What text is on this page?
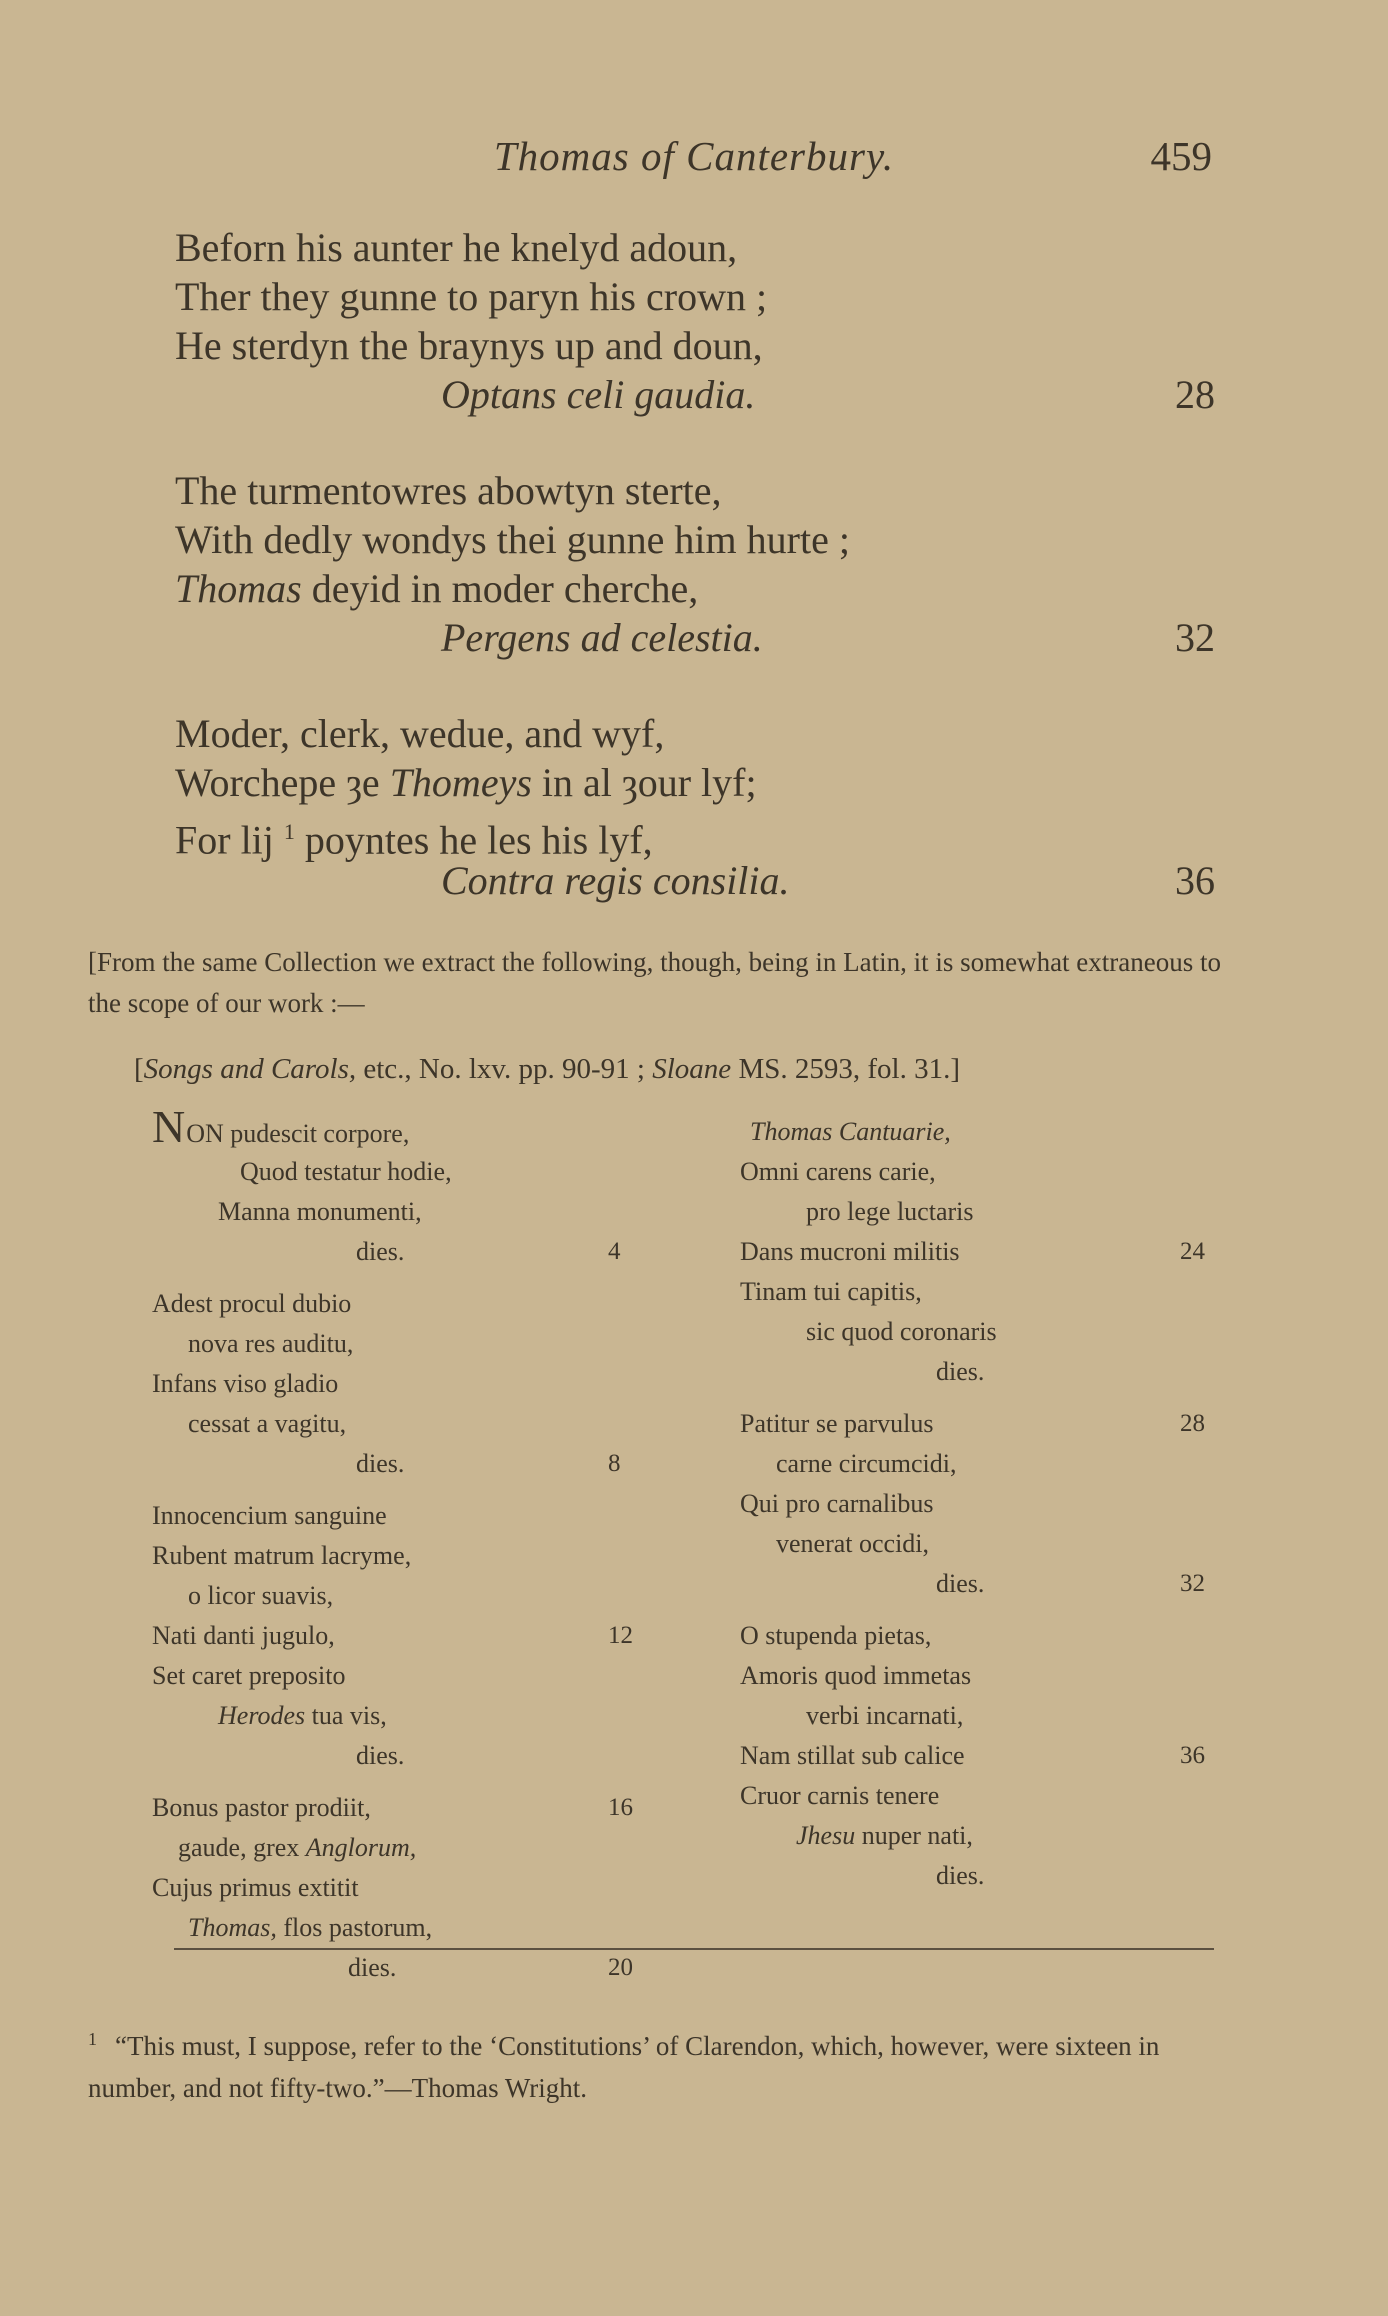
Thomas of Canterbury.	459
Beforn his aunter he knelyd adoun,
Ther they gunne to paryn his crown ;
He sterdyn the braynys up and doun,
Optans celi gaudia.	28
The turmentowres abowtyn sterte,
With dedly wondys thei gunne him hurte ;
Thomas deyid in moder cherche,
Pergens ad celestia.	32
Moder, clerk, wedue, and wyf,
Worchepe ȝe Thomeys in al ȝour lyf;
For lij $^1$ poyntes he les his lyf,
Contra regis consilia.	36
[From the same Collection we extract the following, though, being in Latin, it is somewhat extraneous to the scope of our work :—
[Songs and Carols, etc., No. lxv. pp. 90-91 ; Sloane MS. 2593, fol. 31.]
NON pudescit corpore,
Quod testatur hodie,
Manna monumenti,
dies.	4
Adest procul dubio
nova res auditu,
Infans viso gladio
cessat a vagitu,
dies.	8
Innocencium sanguine
Rubent matrum lacryme,
o licor suavis,
Nati danti jugulo,	12
Set caret preposito
Herodes tua vis,
dies.
Bonus pastor prodiit,	16
gaude, grex Anglorum,
Cujus primus extitit
Thomas, flos pastorum,
dies.	20
Thomas Cantuarie,
Omni carens carie,
pro lege luctaris
Dans mucroni militis	24
Tinam tui capitis,
sic quod coronaris
dies.
Patitur se parvulus	28
carne circumcidi,
Qui pro carnalibus
venerat occidi,
dies.	32
O stupenda pietas,
Amoris quod immetas
verbi incarnati,
Nam stillat sub calice	36
Cruor carnis tenere
Jhesu nuper nati,
dies.
$^1$ “This must, I suppose, refer to the ‘Constitutions’ of Clarendon, which, however, were sixteen in number, and not fifty-two.”—Thomas Wright.
